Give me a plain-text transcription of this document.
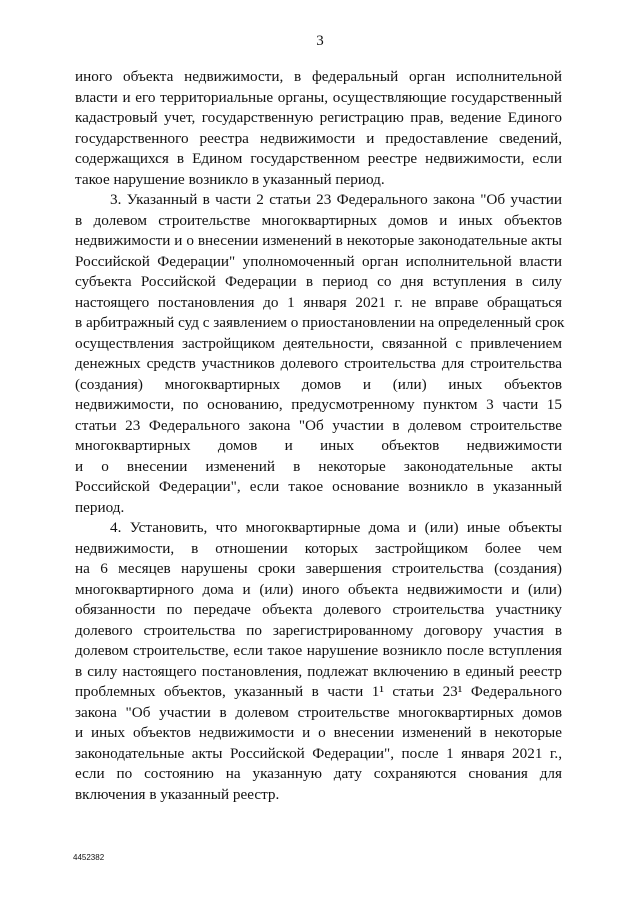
3
иного объекта недвижимости, в федеральный орган исполнительной
власти и его территориальные органы, осуществляющие государственный
кадастровый учет, государственную регистрацию прав, ведение Единого
государственного реестра недвижимости и предоставление сведений,
содержащихся в Едином государственном реестре недвижимости, если
такое нарушение возникло в указанный период.
3. Указанный в части 2 статьи 23 Федерального закона "Об участии
в долевом строительстве многоквартирных домов и иных объектов
недвижимости и о внесении изменений в некоторые законодательные акты
Российской Федерации" уполномоченный орган исполнительной власти
субъекта Российской Федерации в период со дня вступления в силу
настоящего постановления до 1 января 2021 г. не вправе обращаться
в арбитражный суд с заявлением о приостановлении на определенный срок
осуществления застройщиком деятельности, связанной с привлечением
денежных средств участников долевого строительства для строительства
(создания) многоквартирных домов и (или) иных объектов
недвижимости, по основанию, предусмотренному пунктом 3 части 15
статьи 23 Федерального закона "Об участии в долевом строительстве
многоквартирных домов и иных объектов недвижимости
и о внесении изменений в некоторые законодательные акты
Российской Федерации", если такое основание возникло в указанный
период.
4. Установить, что многоквартирные дома и (или) иные объекты
недвижимости, в отношении которых застройщиком более чем
на 6 месяцев нарушены сроки завершения строительства (создания)
многоквартирного дома и (или) иного объекта недвижимости и (или)
обязанности по передаче объекта долевого строительства участнику
долевого строительства по зарегистрированному договору участия в
долевом строительстве, если такое нарушение возникло после вступления
в силу настоящего постановления, подлежат включению в единый реестр
проблемных объектов, указанный в части 1¹ статьи 23¹ Федерального
закона "Об участии в долевом строительстве многоквартирных домов
и иных объектов недвижимости и о внесении изменений в некоторые
законодательные акты Российской Федерации", после 1 января 2021 г.,
если по состоянию на указанную дату сохраняются снования для
включения в указанный реестр.
4452382
